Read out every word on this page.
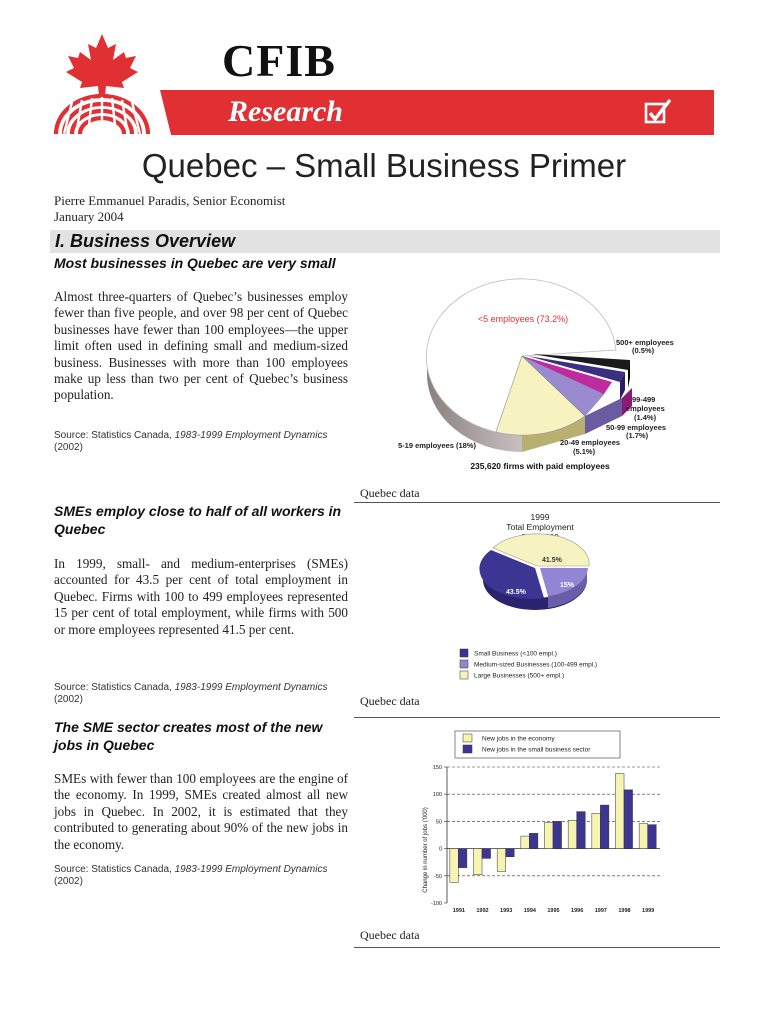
CFIB
Research
Quebec – Small Business Primer
Pierre Emmanuel Paradis, Senior Economist
January 2004
I. Business Overview
Most businesses in Quebec are very small
Almost three-quarters of Quebec’s businesses employ fewer than five people, and over 98 per cent of Quebec businesses have fewer than 100 employees—the upper limit often used in defining small and medium-sized business. Businesses with more than 100 employees make up less than two per cent of Quebec’s business population.
Source: Statistics Canada, 1983-1999 Employment Dynamics
(2002)
<5 employees (73.2%)
5-19 employees (18%)	20-49 employees
(5.1%)
50-99 employees
(1.7%)
99-499
employees
(1.4%)
500+ employees
(0.5%)
235,620 firms with paid employees
Quebec data
SMEs employ close to half of all workers in Quebec
In 1999, small- and medium-enterprises (SMEs) accounted for 43.5 per cent of total employment in Quebec. Firms with 100 to 499 employees represented 15 per cent of total employment, while firms with 500 or more employees represented 41.5 per cent.
Source: Statistics Canada, 1983-1999 Employment Dynamics
(2002)
1999
Total Employment
41.5%
43.5%
15%
Small Business (<100 empl.)
Medium-sized Businesses (100-499 empl.)
Large Businesses (500+ empl.)
Quebec data
The SME sector creates most of the new jobs in Quebec
SMEs with fewer than 100 employees are the engine of the economy. In 1999, SMEs created almost all new jobs in Quebec. In 2002, it is estimated that they contributed to generating about 90% of the new jobs in the economy.
Source: Statistics Canada, 1983-1999 Employment Dynamics
(2002)
New jobs in the economy
New jobs in the small business sector
Change in number of jobs ('000)
150
100
50
0
-50
-100
1991 1992 1993 1994 1995 1996 1997 1998 1999
Quebec data
